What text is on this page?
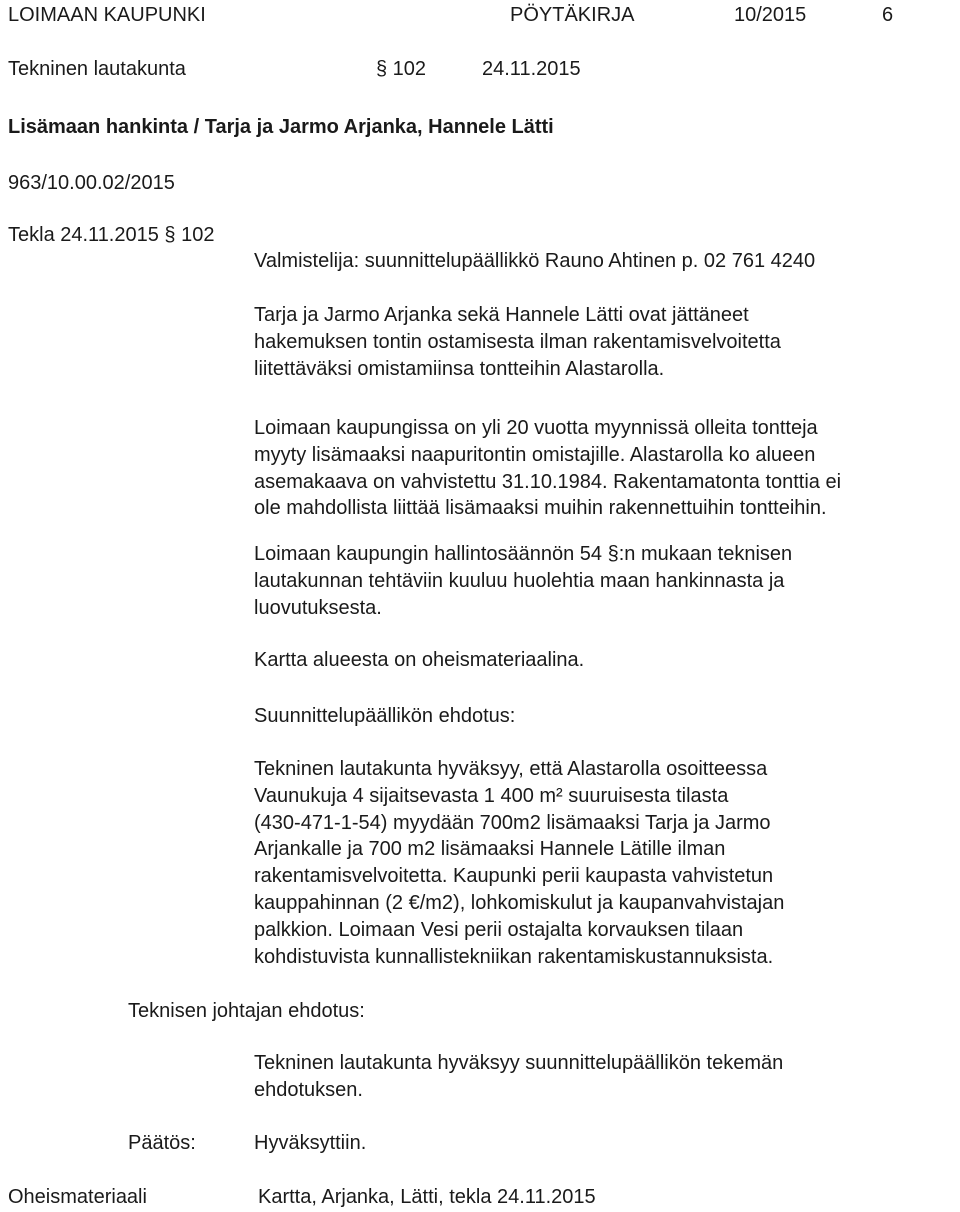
LOIMAAN KAUPUNKI	PÖYTÄKIRJA	10/2015	6
Tekninen lautakunta	§ 102	24.11.2015
Lisämaan hankinta / Tarja ja Jarmo Arjanka, Hannele Lätti
963/10.00.02/2015
Tekla 24.11.2015 § 102
Valmistelija: suunnittelupäällikkö Rauno Ahtinen p. 02 761 4240
Tarja ja Jarmo Arjanka sekä Hannele Lätti ovat jättäneet
hakemuksen tontin ostamisesta ilman rakentamisvelvoitetta
liitettäväksi omistamiinsa tontteihin Alastarolla.
Loimaan kaupungissa on yli 20 vuotta myynnissä olleita tontteja
myyty lisämaaksi naapuritontin omistajille. Alastarolla ko alueen
asemakaava on vahvistettu 31.10.1984. Rakentamatonta tonttia ei
ole mahdollista liittää lisämaaksi muihin rakennettuihin tontteihin.
Loimaan kaupungin hallintosäännön 54 §:n mukaan teknisen
lautakunnan tehtäviin kuuluu huolehtia maan hankinnasta ja
luovutuksesta.
Kartta alueesta on oheismateriaalina.
Suunnittelupäällikön ehdotus:
Tekninen lautakunta hyväksyy, että Alastarolla osoitteessa
Vaunukuja 4 sijaitsevasta 1 400 m² suuruisesta tilasta
(430-471-1-54) myydään 700m2 lisämaaksi Tarja ja Jarmo
Arjankalle ja 700 m2 lisämaaksi Hannele Lätille ilman
rakentamisvelvoitetta. Kaupunki perii kaupasta vahvistetun
kauppahinnan (2 €/m2), lohkomiskulut ja kaupanvahvistajan
palkkion. Loimaan Vesi perii ostajalta korvauksen tilaan
kohdistuvista kunnallistekniikan rakentamiskustannuksista.
Teknisen johtajan ehdotus:
Tekninen lautakunta hyväksyy suunnittelupäällikön tekemän
ehdotuksen.
Päätös:	Hyväksyttiin.
Oheismateriaali	Kartta, Arjanka, Lätti, tekla 24.11.2015
